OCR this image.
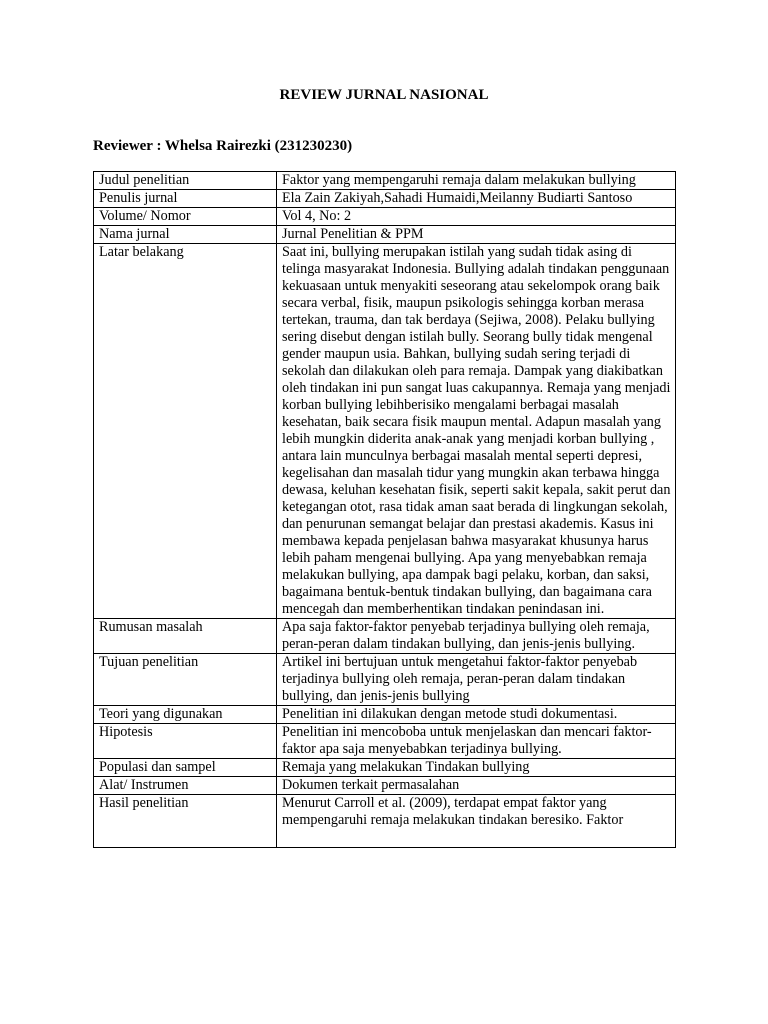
REVIEW JURNAL NASIONAL
Reviewer : Whelsa Rairezki (231230230)
Judul penelitian	Faktor yang mempengaruhi remaja dalam melakukan bullying
Penulis jurnal	Ela Zain Zakiyah,Sahadi Humaidi,Meilanny Budiarti Santoso
Volume/ Nomor	Vol 4, No: 2
Nama jurnal	Jurnal Penelitian & PPM
Latar belakang	Saat ini, bullying merupakan istilah yang sudah tidak asing di telinga masyarakat Indonesia. Bullying adalah tindakan penggunaan kekuasaan untuk menyakiti seseorang atau sekelompok orang baik secara verbal, fisik, maupun psikologis sehingga korban merasa tertekan, trauma, dan tak berdaya (Sejiwa, 2008). Pelaku bullying sering disebut dengan istilah bully. Seorang bully tidak mengenal gender maupun usia. Bahkan, bullying sudah sering terjadi di sekolah dan dilakukan oleh para remaja. Dampak yang diakibatkan oleh tindakan ini pun sangat luas cakupannya. Remaja yang menjadi korban bullying lebihberisiko mengalami berbagai masalah kesehatan, baik secara fisik maupun mental. Adapun masalah yang lebih mungkin diderita anak-anak yang menjadi korban bullying , antara lain munculnya berbagai masalah mental seperti depresi, kegelisahan dan masalah tidur yang mungkin akan terbawa hingga dewasa, keluhan kesehatan fisik, seperti sakit kepala, sakit perut dan ketegangan otot, rasa tidak aman saat berada di lingkungan sekolah, dan penurunan semangat belajar dan prestasi akademis. Kasus ini membawa kepada penjelasan bahwa masyarakat khusunya harus lebih paham mengenai bullying. Apa yang menyebabkan remaja melakukan bullying, apa dampak bagi pelaku, korban, dan saksi, bagaimana bentuk-bentuk tindakan bullying, dan bagaimana cara mencegah dan memberhentikan tindakan penindasan ini.
Rumusan masalah	Apa saja faktor-faktor penyebab terjadinya bullying oleh remaja, peran-peran dalam tindakan bullying, dan jenis-jenis bullying.
Tujuan penelitian	Artikel ini bertujuan untuk mengetahui faktor-faktor penyebab terjadinya bullying oleh remaja, peran-peran dalam tindakan bullying, dan jenis-jenis bullying
Teori yang digunakan	Penelitian ini dilakukan dengan metode studi dokumentasi.
Hipotesis	Penelitian ini mencoboba untuk menjelaskan dan mencari faktor-faktor apa saja menyebabkan terjadinya bullying.
Populasi dan sampel	Remaja yang melakukan Tindakan bullying
Alat/ Instrumen	Dokumen terkait permasalahan
Hasil penelitian	Menurut Carroll et al. (2009), terdapat empat faktor yang mempengaruhi remaja melakukan tindakan beresiko. Faktor
